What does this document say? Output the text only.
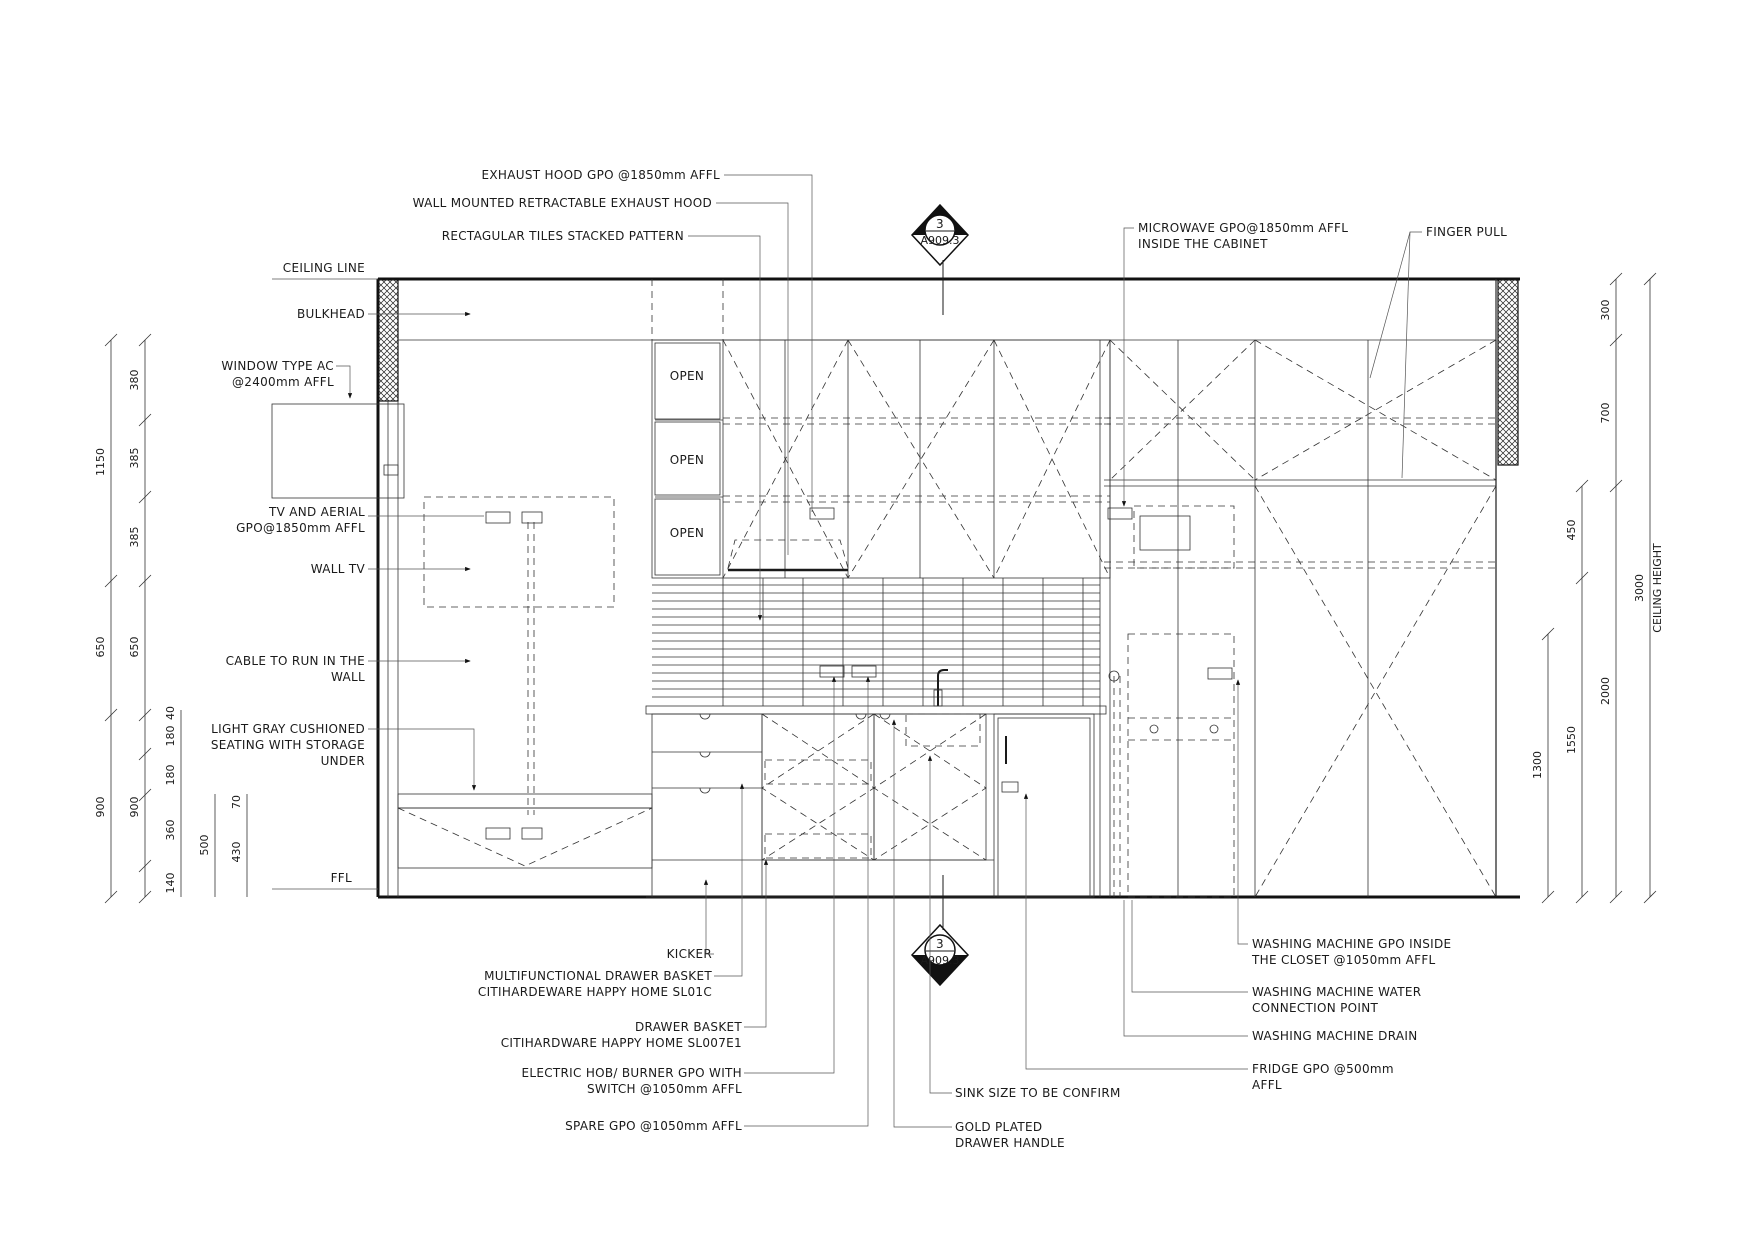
3
A909.3
3
A909.3
EXHAUST HOOD GPO @1850mm AFFL
WALL MOUNTED RETRACTABLE EXHAUST HOOD
RECTAGULAR TILES STACKED PATTERN
CEILING LINE
BULKHEAD
WINDOW TYPE AC
@2400mm AFFL
TV AND AERIAL
GPO@1850mm AFFL
WALL TV
CABLE TO RUN IN THE
WALL
LIGHT GRAY CUSHIONED
SEATING WITH STORAGE
UNDER
FFL
MICROWAVE GPO@1850mm AFFL
INSIDE THE CABINET
FINGER PULL
OPEN
OPEN
OPEN
KICKER
MULTIFUNCTIONAL DRAWER BASKET
CITIHARDEWARE HAPPY HOME SL01C
DRAWER BASKET
CITIHARDWARE HAPPY HOME SL007E1
ELECTRIC HOB/ BURNER GPO WITH
SWITCH @1050mm AFFL
SPARE GPO @1050mm AFFL
SINK SIZE TO BE CONFIRM
GOLD PLATED
DRAWER HANDLE
WASHING MACHINE GPO INSIDE
THE CLOSET @1050mm AFFL
WASHING MACHINE WATER
CONNECTION POINT
WASHING MACHINE DRAIN
FRIDGE GPO @500mm
AFFL
1150
650
900
380
385
385
650
900
180
40
180
360
140
500
70
430
1300
450
1550
300
700
2000
3000 CEILING HEIGHT
